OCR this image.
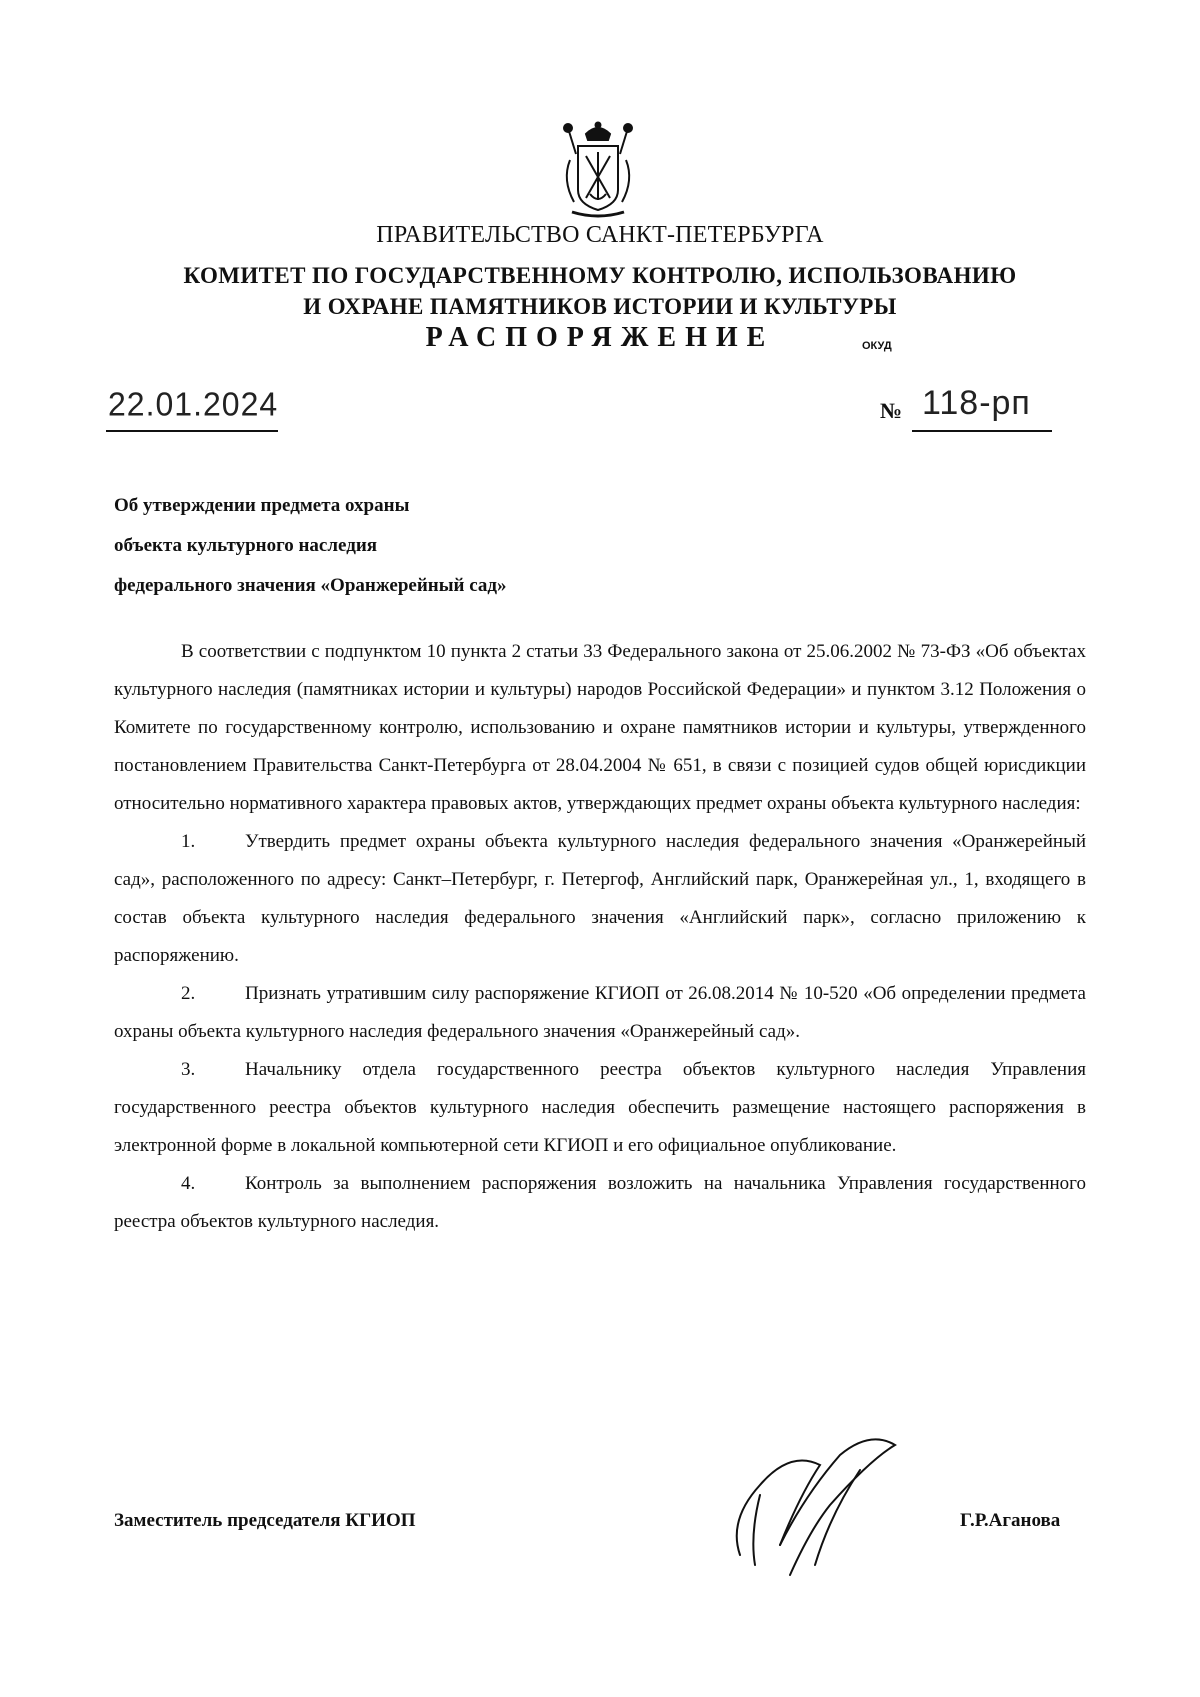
ПРАВИТЕЛЬСТВО САНКТ-ПЕТЕРБУРГА
КОМИТЕТ ПО ГОСУДАРСТВЕННОМУ КОНТРОЛЮ, ИСПОЛЬЗОВАНИЮ
И ОХРАНЕ ПАМЯТНИКОВ ИСТОРИИ И КУЛЬТУРЫ
РАСПОРЯЖЕНИЕ	ОКУД
22.01.2024	№ 118-рп
Об утверждении предмета охраны
объекта культурного наследия
федерального значения «Оранжерейный сад»

В соответствии с подпунктом 10 пункта 2 статьи 33 Федерального закона от 25.06.2002 № 73-ФЗ «Об объектах культурного наследия (памятниках истории и культуры) народов Российской Федерации» и пунктом 3.12 Положения о Комитете по государственному контролю, использованию и охране памятников истории и культуры, утвержденного постановлением Правительства Санкт-Петербурга от 28.04.2004 № 651, в связи с позицией судов общей юрисдикции относительно нормативного характера правовых актов, утверждающих предмет охраны объекта культурного наследия:

1.	Утвердить предмет охраны объекта культурного наследия федерального значения «Оранжерейный сад», расположенного по адресу: Санкт–Петербург, г. Петергоф, Английский парк, Оранжерейная ул., 1, входящего в состав объекта культурного наследия федерального значения «Английский парк», согласно приложению к распоряжению.

2.	Признать утратившим силу распоряжение КГИОП от 26.08.2014 № 10-520 «Об определении предмета охраны объекта культурного наследия федерального значения «Оранжерейный сад».

3.	Начальнику отдела государственного реестра объектов культурного наследия Управления государственного реестра объектов культурного наследия обеспечить размещение настоящего распоряжения в электронной форме в локальной компьютерной сети КГИОП и его официальное опубликование.

4.	Контроль за выполнением распоряжения возложить на начальника Управления государственного реестра объектов культурного наследия.

Заместитель председателя КГИОП	Г.Р.Аганова
